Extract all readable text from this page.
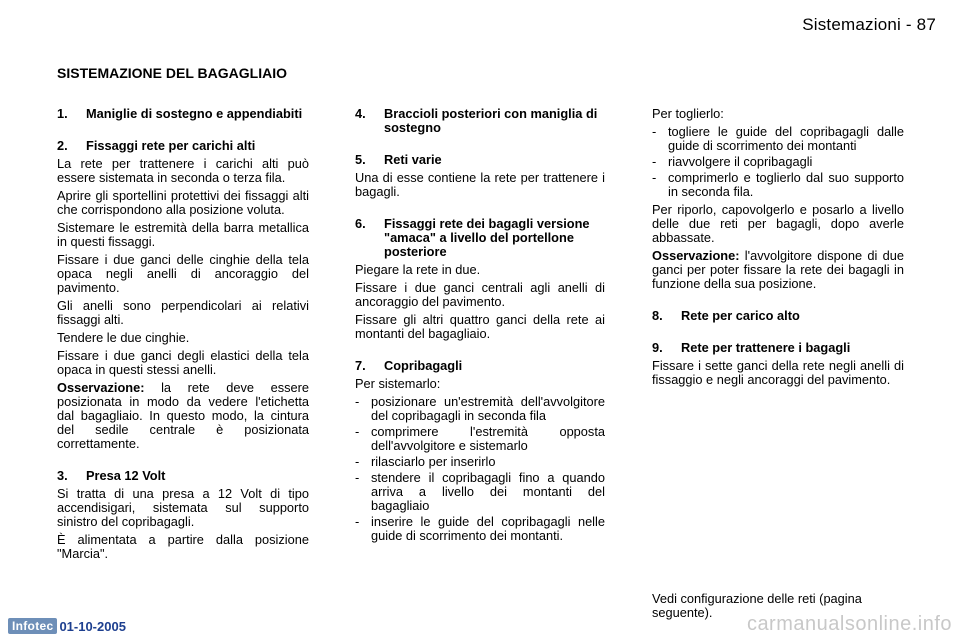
Sistemazioni - 87
SISTEMAZIONE DEL BAGAGLIAIO
1.	Maniglie di sostegno e appendiabiti
2.	Fissaggi rete per carichi alti

La rete per trattenere i carichi alti può essere sistemata in seconda o terza fila.

Aprire gli sportellini protettivi dei fissaggi alti che corrispondono alla posizione voluta.

Sistemare le estremità della barra metallica in questi fissaggi.

Fissare i due ganci delle cinghie della tela opaca negli anelli di ancoraggio del pavimento.

Gli anelli sono perpendicolari ai relativi fissaggi alti.

Tendere le due cinghie.

Fissare i due ganci degli elastici della tela opaca in questi stessi anelli.

Osservazione: la rete deve essere posizionata in modo da vedere l'etichetta dal bagagliaio. In questo modo, la cintura del sedile centrale è posizionata correttamente.

3.	Presa 12 Volt

Si tratta di una presa a 12 Volt di tipo accendisigari, sistemata sul supporto sinistro del copribagagli.

È alimentata a partire dalla posizione "Marcia".

4.	Braccioli posteriori con maniglia di sostegno
5.	Reti varie

Una di esse contiene la rete per trattenere i bagagli.

6.	Fissaggi rete dei bagagli versione "amaca" a livello del portellone posteriore

Piegare la rete in due.

Fissare i due ganci centrali agli anelli di ancoraggio del pavimento.

Fissare gli altri quattro ganci della rete ai montanti del bagagliaio.

7.	Copribagagli

Per sistemarlo:

- posizionare un'estremità dell'avvolgitore del copribagagli in seconda fila
- comprimere l'estremità opposta dell'avvolgitore e sistemarlo
- rilasciarlo per inserirlo
- stendere il copribagagli fino a quando arriva a livello dei montanti del bagagliaio
- inserire le guide del copribagagli nelle guide di scorrimento dei montanti.

Per toglierlo:

- togliere le guide del copribagagli dalle guide di scorrimento dei montanti
- riavvolgere il copribagagli
- comprimerlo e toglierlo dal suo supporto in seconda fila.

Per riporlo, capovolgerlo e posarlo a livello delle due reti per bagagli, dopo averle abbassate.

Osservazione: l'avvolgitore dispone di due ganci per poter fissare la rete dei bagagli in funzione della sua posizione.

8.	Rete per carico alto
9.	Rete per trattenere i bagagli

Fissare i sette ganci della rete negli anelli di fissaggio e negli ancoraggi del pavimento.

Vedi configurazione delle reti (pagina seguente).
Infotec 01-10-2005	carmanualsonline.info
